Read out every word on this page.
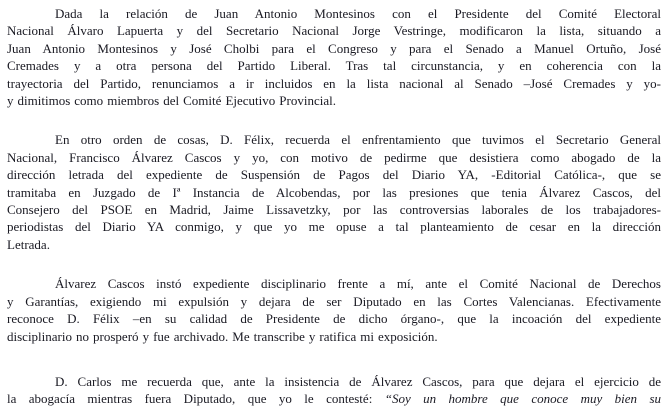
Dada la relación de Juan Antonio Montesinos con el Presidente del Comité Electoral
Nacional Álvaro Lapuerta y del Secretario Nacional Jorge Vestringe, modificaron la lista, situando a
Juan Antonio Montesinos y José Cholbi para el Congreso y para el Senado a Manuel Ortuño, José
Cremades y a otra persona del Partido Liberal. Tras tal circunstancia, y en coherencia con la
trayectoria del Partido, renunciamos a ir incluidos en la lista nacional al Senado –José Cremades y yo-
y dimitimos como miembros del Comité Ejecutivo Provincial.
En otro orden de cosas, D. Félix, recuerda el enfrentamiento que tuvimos el Secretario General
Nacional, Francisco Álvarez Cascos y yo, con motivo de pedirme que desistiera como abogado de la
dirección letrada del expediente de Suspensión de Pagos del Diario YA, -Editorial Católica-, que se
tramitaba en Juzgado de Iª Instancia de Alcobendas, por las presiones que tenia Álvarez Cascos, del
Consejero del PSOE en Madrid, Jaime Lissavetzky, por las controversias laborales de los trabajadores-
periodistas del Diario YA conmigo, y que yo me opuse a tal planteamiento de cesar en la dirección
Letrada.
Álvarez Cascos instó expediente disciplinario frente a mí, ante el Comité Nacional de Derechos
y Garantías, exigiendo mi expulsión y dejara de ser Diputado en las Cortes Valencianas. Efectivamente
reconoce D. Félix –en su calidad de Presidente de dicho órgano-, que la incoación del expediente
disciplinario no prosperó y fue archivado. Me transcribe y ratifica mi exposición.
D. Carlos me recuerda que, ante la insistencia de Álvarez Cascos, para que dejara el ejercicio de
la abogacía mientras fuera Diputado, que yo le contesté: “Soy un hombre que conoce muy bien su
